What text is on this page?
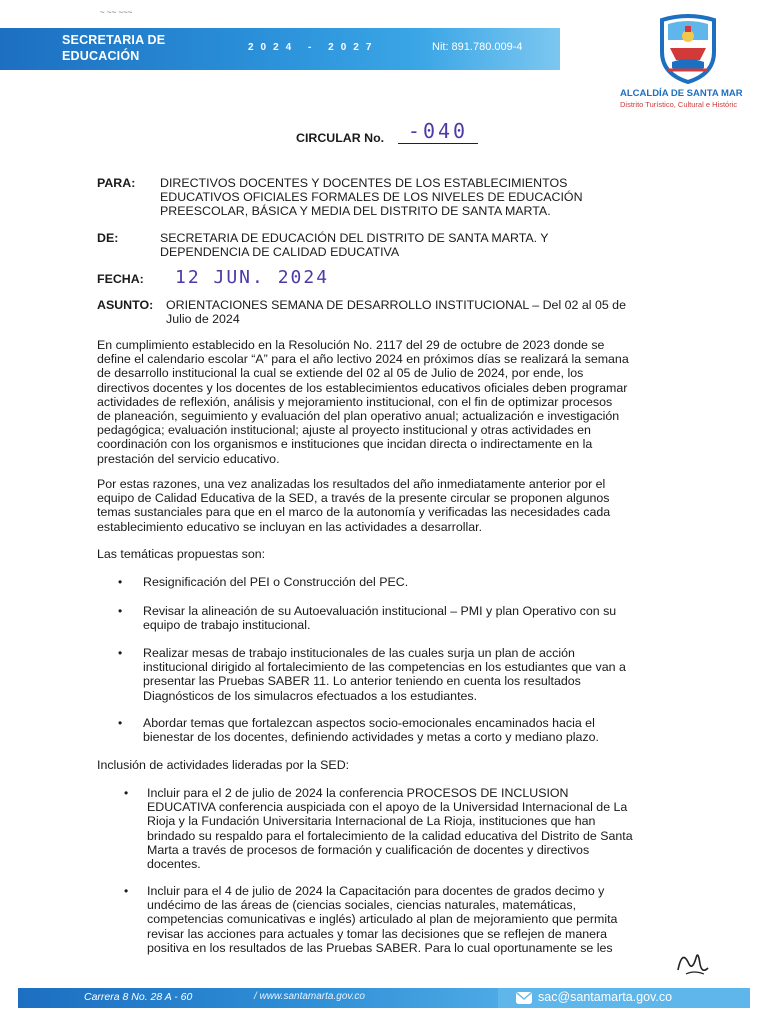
~ ~~ ~~~
SECRETARIA DE
EDUCACIÓN
2024 - 2027	Nit: 891.780.009-4
ALCALDÍA DE SANTA MAR
Distrito Turístico, Cultural e Históric
CIRCULAR No.	-040
PARA: DIRECTIVOS DOCENTES Y DOCENTES DE LOS ESTABLECIMIENTOS
EDUCATIVOS OFICIALES FORMALES DE LOS NIVELES DE EDUCACIÓN
PREESCOLAR, BÁSICA Y MEDIA DEL DISTRITO DE SANTA MARTA.
DE:	SECRETARIA DE EDUCACIÓN DEL DISTRITO DE SANTA MARTA. Y
DEPENDENCIA DE CALIDAD EDUCATIVA
FECHA: 12 JUN. 2024
ASUNTO: ORIENTACIONES SEMANA DE DESARROLLO INSTITUCIONAL – Del 02 al 05 de
Julio de 2024
En cumplimiento establecido en la Resolución No. 2117 del 29 de octubre de 2023 donde se
define el calendario escolar “A” para el año lectivo 2024 en próximos días se realizará la semana
de desarrollo institucional la cual se extiende del 02 al 05 de Julio de 2024, por ende, los
directivos docentes y los docentes de los establecimientos educativos oficiales deben programar
actividades de reflexión, análisis y mejoramiento institucional, con el fin de optimizar procesos
de planeación, seguimiento y evaluación del plan operativo anual; actualización e investigación
pedagógica; evaluación institucional; ajuste al proyecto institucional y otras actividades en
coordinación con los organismos e instituciones que incidan directa o indirectamente en la
prestación del servicio educativo.
Por estas razones, una vez analizadas los resultados del año inmediatamente anterior por el
equipo de Calidad Educativa de la SED, a través de la presente circular se proponen algunos
temas sustanciales para que en el marco de la autonomía y verificadas las necesidades cada
establecimiento educativo se incluyan en las actividades a desarrollar.
Las temáticas propuestas son:
• Resignificación del PEI o Construcción del PEC.
• Revisar la alineación de su Autoevaluación institucional – PMI y plan Operativo con su
equipo de trabajo institucional.
• Realizar mesas de trabajo institucionales de las cuales surja un plan de acción
institucional dirigido al fortalecimiento de las competencias en los estudiantes que van a
presentar las Pruebas SABER 11. Lo anterior teniendo en cuenta los resultados
Diagnósticos de los simulacros efectuados a los estudiantes.
• Abordar temas que fortalezcan aspectos socio-emocionales encaminados hacia el
bienestar de los docentes, definiendo actividades y metas a corto y mediano plazo.
Inclusión de actividades lideradas por la SED:
• Incluir para el 2 de julio de 2024 la conferencia PROCESOS DE INCLUSION
EDUCATIVA conferencia auspiciada con el apoyo de la Universidad Internacional de La
Rioja y la Fundación Universitaria Internacional de La Rioja, instituciones que han
brindado su respaldo para el fortalecimiento de la calidad educativa del Distrito de Santa
Marta a través de procesos de formación y cualificación de docentes y directivos
docentes.
• Incluir para el 4 de julio de 2024 la Capacitación para docentes de grados decimo y
undécimo de las áreas de (ciencias sociales, ciencias naturales, matemáticas,
competencias comunicativas e inglés) articulado al plan de mejoramiento que permita
revisar las acciones para actuales y tomar las decisiones que se reflejen de manera
positiva en los resultados de las Pruebas SABER. Para lo cual oportunamente se les
Carrera 8 No. 28 A - 60	/ www.santamarta.gov.co	sac@santamarta.gov.co
